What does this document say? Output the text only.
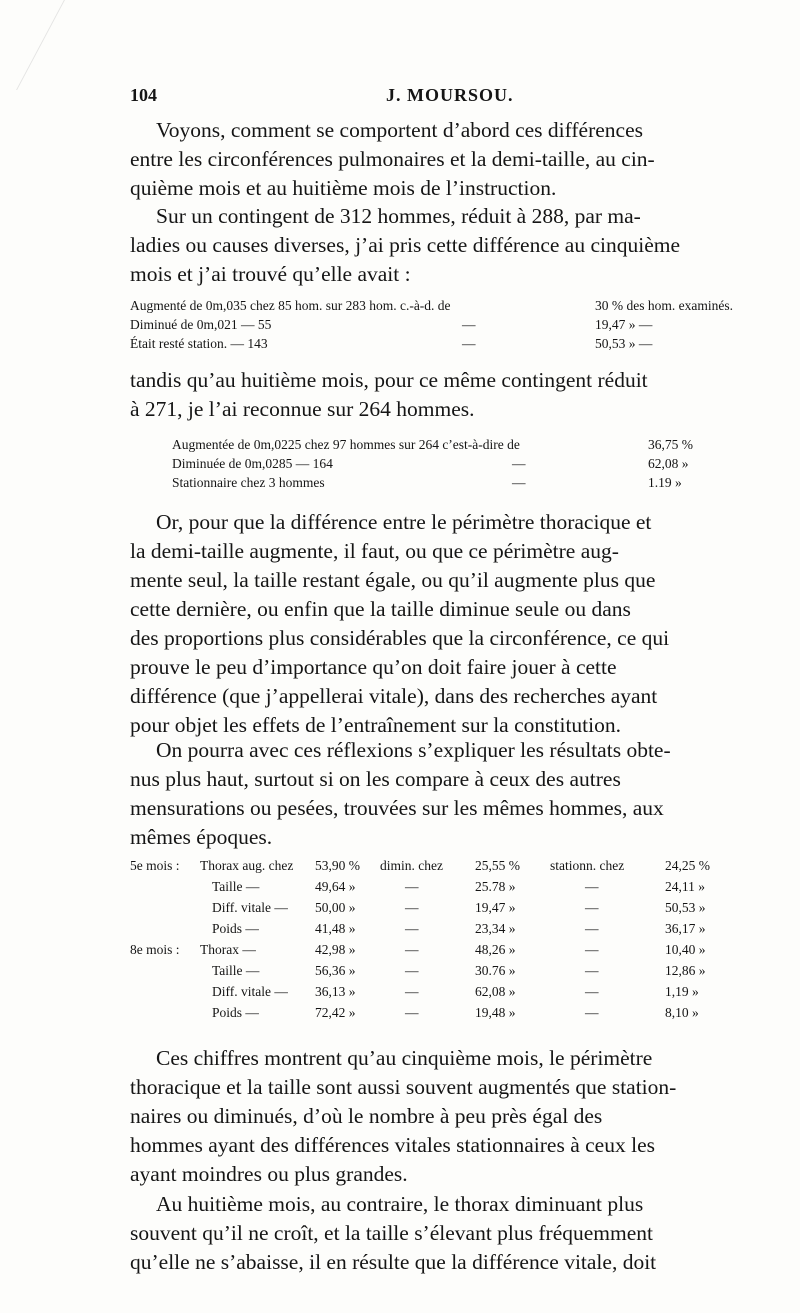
104	J. MOURSOU.

Voyons, comment se comportent d’abord ces différences
entre les circonférences pulmonaires et la demi-taille, au cin-
quième mois et au huitième mois de l’instruction.

Sur un contingent de 312 hommes, réduit à 288, par ma-
ladies ou causes diverses, j’ai pris cette différence au cinquième
mois et j’ai trouvé qu’elle avait :

Augmenté de 0m,035 chez 85 hom. sur 283 hom. c.-à-d. de	30 % des hom. examinés.
Diminué de 0m,021 — 55	—	19,47 » —
Était resté station. — 143	—	50,53 » —

tandis qu’au huitième mois, pour ce même contingent réduit
à 271, je l’ai reconnue sur 264 hommes.

Augmentée de 0m,0225 chez 97 hommes sur 264 c’est-à-dire de	36,75 %
Diminuée de 0m,0285 — 164	—	62,08 »
Stationnaire chez 3 hommes	—	1.19 »

Or, pour que la différence entre le périmètre thoracique et
la demi-taille augmente, il faut, ou que ce périmètre aug-
mente seul, la taille restant égale, ou qu’il augmente plus que
cette dernière, ou enfin que la taille diminue seule ou dans
des proportions plus considérables que la circonférence, ce qui
prouve le peu d’importance qu’on doit faire jouer à cette
différence (que j’appellerai vitale), dans des recherches ayant
pour objet les effets de l’entraînement sur la constitution.

On pourra avec ces réflexions s’expliquer les résultats obte-
nus plus haut, surtout si on les compare à ceux des autres
mensurations ou pesées, trouvées sur les mêmes hommes, aux
mêmes époques.

5e mois : Thorax aug. chez 53,90 % dimin. chez 25,55 % stationn. chez	24,25 %
Taille —	49,64 »	—	25.78 »	—	24,11 »
Diff. vitale — 50,00 »	—	19,47 »	—	50,53 »
Poids —	41,48 »	—	23,34 »	—	36,17 »
8e mois : Thorax —	42,98 »	—	48,26 »	—	10,40 »
Taille —	56,36 »	—	30.76 »	—	12,86 »
Diff. vitale — 36,13 »	—	62,08 »	—	1,19 »
Poids —	72,42 »	—	19,48 »	—	8,10 »

Ces chiffres montrent qu’au cinquième mois, le périmètre
thoracique et la taille sont aussi souvent augmentés que station-
naires ou diminués, d’où le nombre à peu près égal des
hommes ayant des différences vitales stationnaires à ceux les
ayant moindres ou plus grandes.

Au huitième mois, au contraire, le thorax diminuant plus
souvent qu’il ne croît, et la taille s’élevant plus fréquemment
qu’elle ne s’abaisse, il en résulte que la différence vitale, doit
